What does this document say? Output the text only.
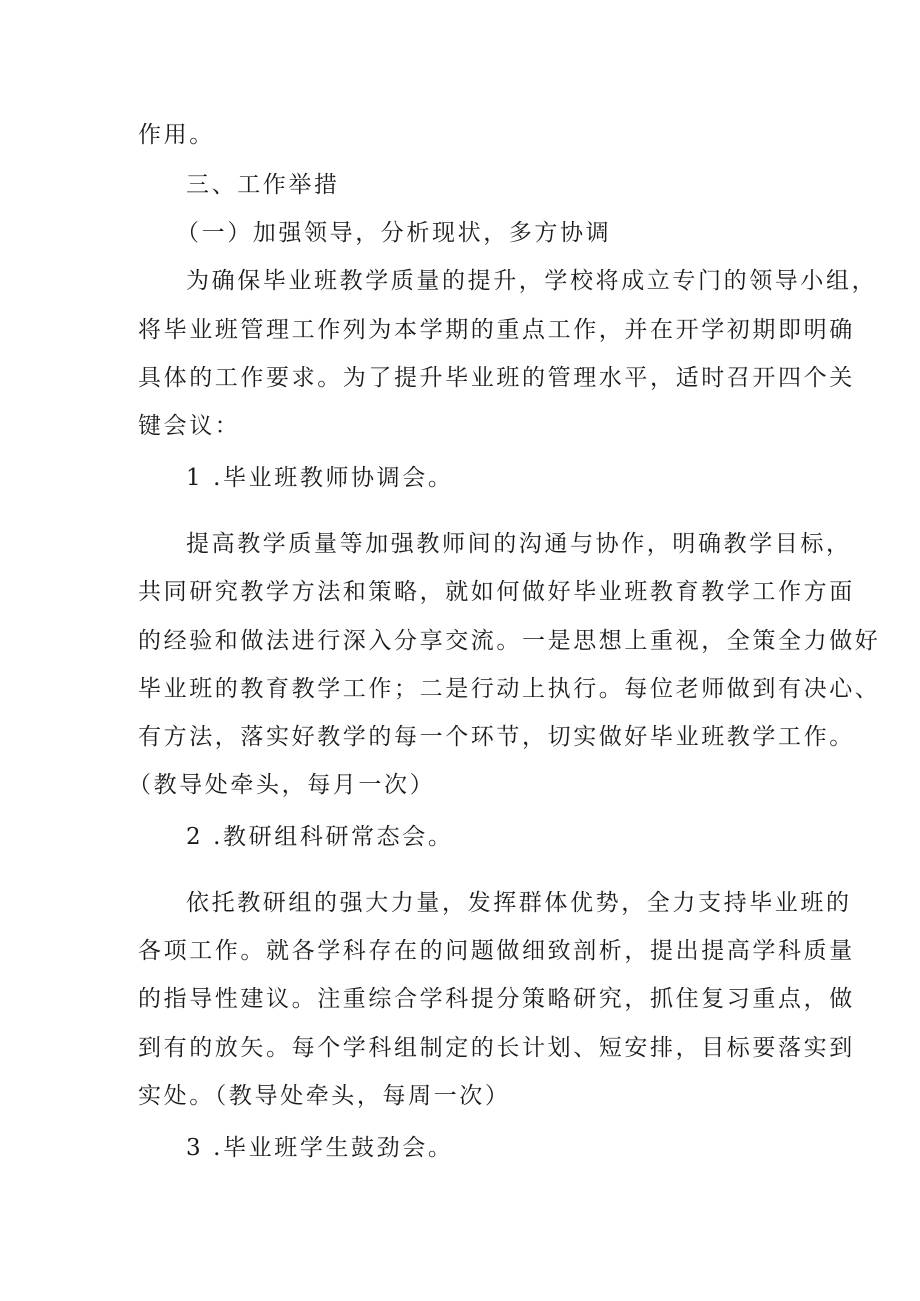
作用。
三、工作举措
（一）加强领导，分析现状，多方协调
为确保毕业班教学质量的提升，学校将成立专门的领导小组，
将毕业班管理工作列为本学期的重点工作，并在开学初期即明确
具体的工作要求。为了提升毕业班的管理水平，适时召开四个关
键会议：
1 .毕业班教师协调会。
提高教学质量等加强教师间的沟通与协作，明确教学目标，
共同研究教学方法和策略，就如何做好毕业班教育教学工作方面
的经验和做法进行深入分享交流。一是思想上重视，全策全力做好
毕业班的教育教学工作；二是行动上执行。每位老师做到有决心、
有方法，落实好教学的每一个环节，切实做好毕业班教学工作。
（教导处牵头，每月一次）
2 .教研组科研常态会。
依托教研组的强大力量，发挥群体优势，全力支持毕业班的
各项工作。就各学科存在的问题做细致剖析，提出提高学科质量
的指导性建议。注重综合学科提分策略研究，抓住复习重点，做
到有的放矢。每个学科组制定的长计划、短安排，目标要落实到
实处。（教导处牵头，每周一次）
3 .毕业班学生鼓劲会。
